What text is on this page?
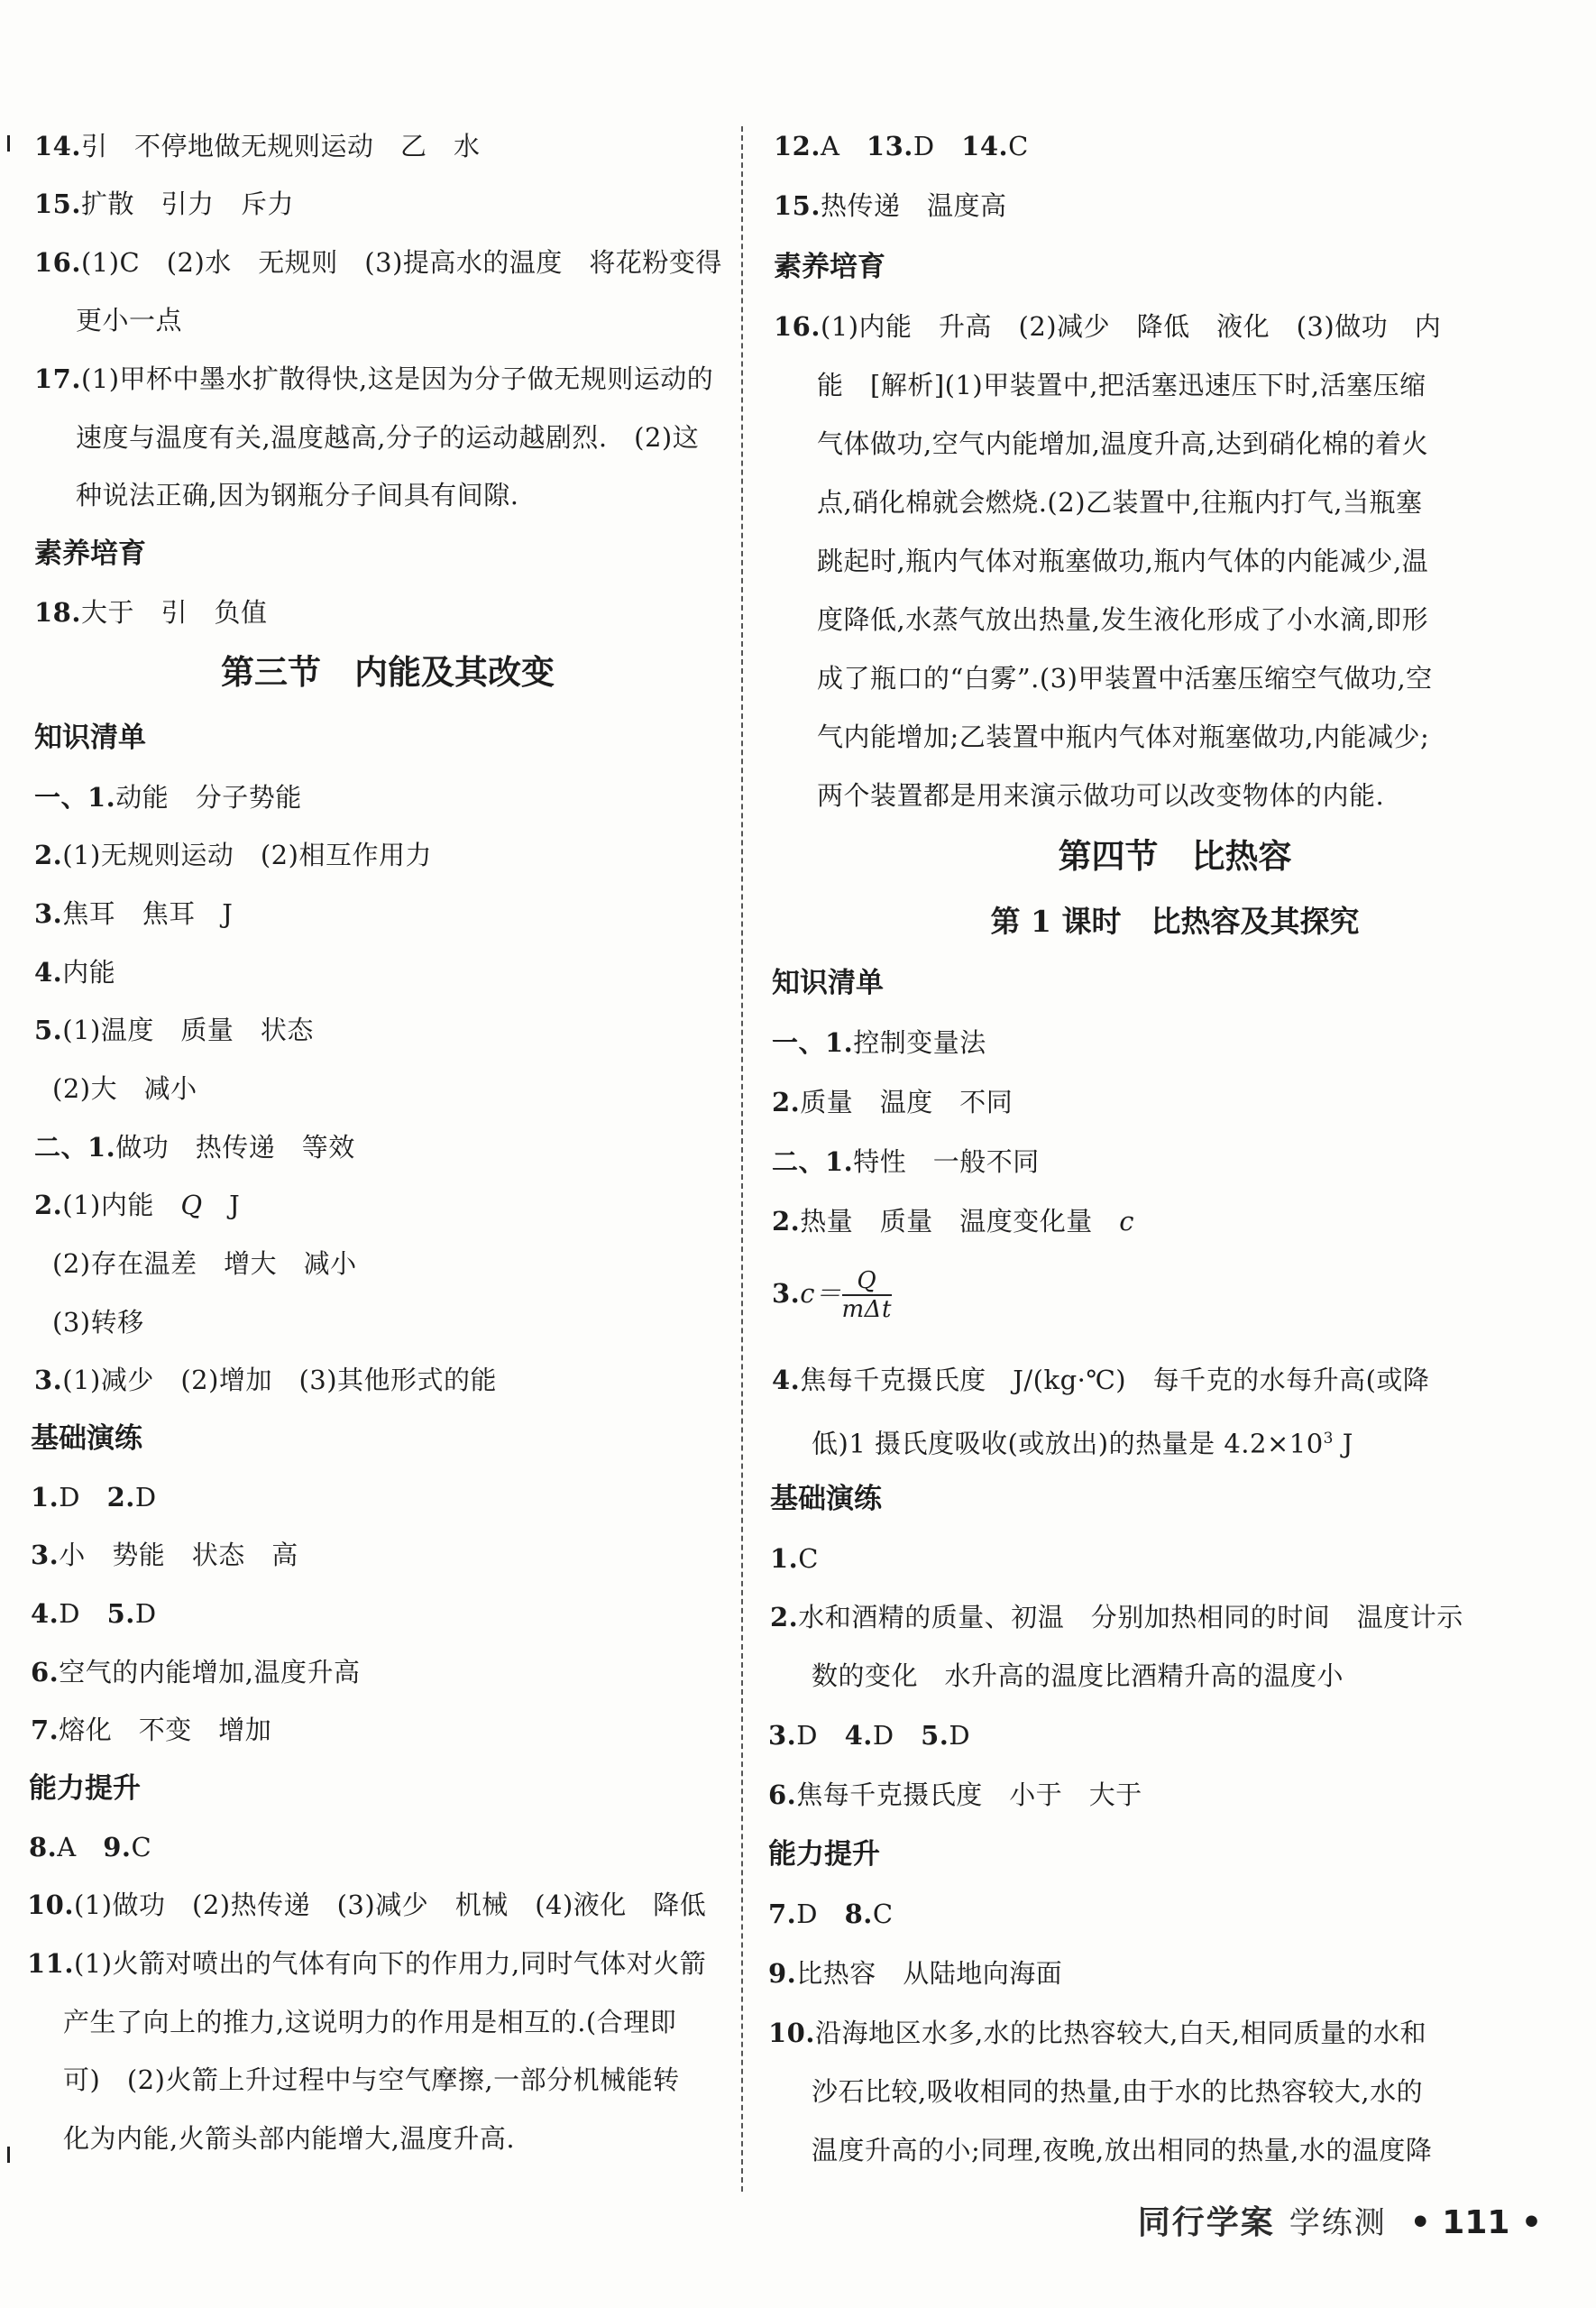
14.引　不停地做无规则运动　乙　水
15.扩散　引力　斥力
16.(1)C　(2)水　无规则　(3)提高水的温度　将花粉变得
更小一点
17.(1)甲杯中墨水扩散得快,这是因为分子做无规则运动的
速度与温度有关,温度越高,分子的运动越剧烈.　(2)这
种说法正确,因为钢瓶分子间具有间隙.
素养培育
18.大于　引　负值
第三节　内能及其改变
知识清单
一、1.动能　分子势能
2.(1)无规则运动　(2)相互作用力
3.焦耳　焦耳　J
4.内能
5.(1)温度　质量　状态
(2)大　减小
二、1.做功　热传递　等效
2.(1)内能　Q　J
(2)存在温差　增大　减小
(3)转移
3.(1)减少　(2)增加　(3)其他形式的能
基础演练
1.D　 2.D
3.小　势能　状态　高
4.D　 5.D
6.空气的内能增加,温度升高
7.熔化　不变　增加
能力提升
8.A　 9.C
10.(1)做功　(2)热传递　(3)减少　机械　(4)液化　降低
11.(1)火箭对喷出的气体有向下的作用力,同时气体对火箭
产生了向上的推力,这说明力的作用是相互的.(合理即
可)　(2)火箭上升过程中与空气摩擦,一部分机械能转
化为内能,火箭头部内能增大,温度升高.
12.A　 13.D　 14.C
15.热传递　温度高
素养培育
16.(1)内能　升高　(2)减少　降低　液化　(3)做功　内
能　[解析](1)甲装置中,把活塞迅速压下时,活塞压缩
气体做功,空气内能增加,温度升高,达到硝化棉的着火
点,硝化棉就会燃烧.(2)乙装置中,往瓶内打气,当瓶塞
跳起时,瓶内气体对瓶塞做功,瓶内气体的内能减少,温
度降低,水蒸气放出热量,发生液化形成了小水滴,即形
成了瓶口的“白雾”.(3)甲装置中活塞压缩空气做功,空
气内能增加;乙装置中瓶内气体对瓶塞做功,内能减少;
两个装置都是用来演示做功可以改变物体的内能.
第四节　比热容
第 1 课时　比热容及其探究
知识清单
一、1.控制变量法
2.质量　温度　不同
二、1.特性　一般不同
2.热量　质量　温度变化量　c
$3.c= \frac{Q}{\text{mΔt}}$
4.焦每千克摄氏度　J/(kg·℃)　每千克的水每升高(或降
低)1 摄氏度吸收(或放出)的热量是 $4.2\times 10^3$ J
基础演练
1.C
2.水和酒精的质量、初温　分别加热相同的时间　温度计示
数的变化　水升高的温度比酒精升高的温度小
3.D　 4.D　 5.D
6.焦每千克摄氏度　小于　大于
能力提升
7.D　 8.C
9.比热容　从陆地向海面
10.沿海地区水多,水的比热容较大,白天,相同质量的水和
沙石比较,吸收相同的热量,由于水的比热容较大,水的
温度升高的小;同理,夜晚,放出相同的热量,水的温度降
同行学案 学练测 • 111 •
